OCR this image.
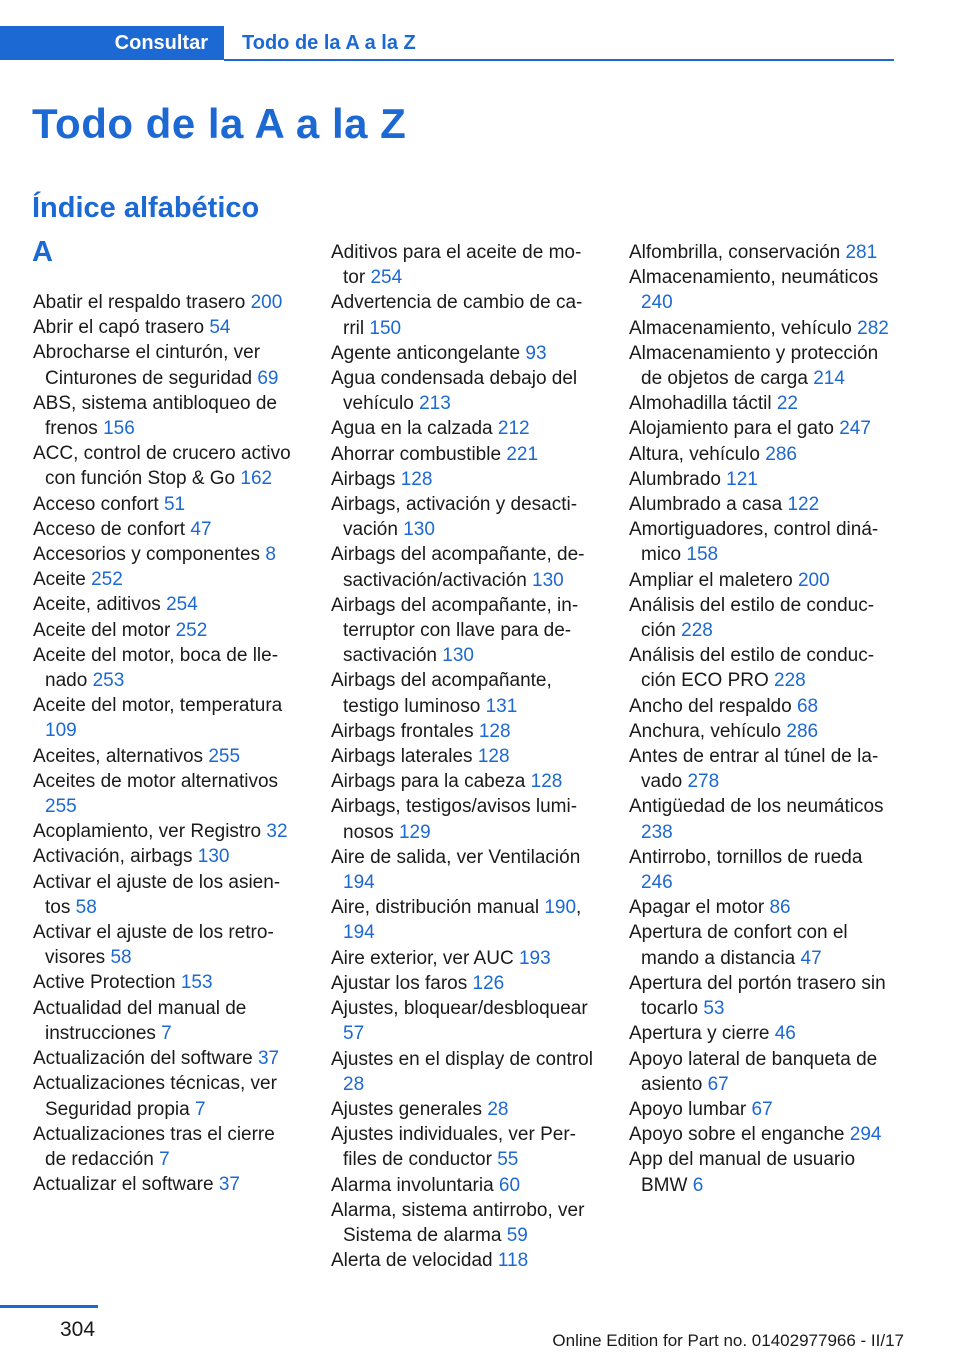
Consultar Todo de la A a la Z
Todo de la A a la Z
Índice alfabético
A
Abatir el respaldo trasero 200
Abrir el capó trasero 54
Abrocharse el cinturón, ver Cinturones de seguridad 69
ABS, sistema antibloqueo de frenos 156
ACC, control de crucero activo con función Stop & Go 162
Acceso confort 51
Acceso de confort 47
Accesorios y componentes 8
Aceite 252
Aceite, aditivos 254
Aceite del motor 252
Aceite del motor, boca de llenado 253
Aceite del motor, temperatura 109
Aceites, alternativos 255
Aceites de motor alternativos 255
Acoplamiento, ver Registro 32
Activación, airbags 130
Activar el ajuste de los asientos 58
Activar el ajuste de los retrovisores 58
Active Protection 153
Actualidad del manual de instrucciones 7
Actualización del software 37
Actualizaciones técnicas, ver Seguridad propia 7
Actualizaciones tras el cierre de redacción 7
Actualizar el software 37
Aditivos para el aceite de motor 254
Advertencia de cambio de carril 150
Agente anticongelante 93
Agua condensada debajo del vehículo 213
Agua en la calzada 212
Ahorrar combustible 221
Airbags 128
Airbags, activación y desactivación 130
Airbags del acompañante, desactivación/activación 130
Airbags del acompañante, interruptor con llave para desactivación 130
Airbags del acompañante, testigo luminoso 131
Airbags frontales 128
Airbags laterales 128
Airbags para la cabeza 128
Airbags, testigos/avisos luminosos 129
Aire de salida, ver Ventilación 194
Aire, distribución manual 190, 194
Aire exterior, ver AUC 193
Ajustar los faros 126
Ajustes, bloquear/desbloquear 57
Ajustes en el display de control 28
Ajustes generales 28
Ajustes individuales, ver Perfiles de conductor 55
Alarma involuntaria 60
Alarma, sistema antirrobo, ver Sistema de alarma 59
Alerta de velocidad 118
Alfombrilla, conservación 281
Almacenamiento, neumáticos 240
Almacenamiento, vehículo 282
Almacenamiento y protección de objetos de carga 214
Almohadilla táctil 22
Alojamiento para el gato 247
Altura, vehículo 286
Alumbrado 121
Alumbrado a casa 122
Amortiguadores, control dinámico 158
Ampliar el maletero 200
Análisis del estilo de conducción 228
Análisis del estilo de conducción ECO PRO 228
Ancho del respaldo 68
Anchura, vehículo 286
Antes de entrar al túnel de lavado 278
Antigüedad de los neumáticos 238
Antirrobo, tornillos de rueda 246
Apagar el motor 86
Apertura de confort con el mando a distancia 47
Apertura del portón trasero sin tocarlo 53
Apertura y cierre 46
Apoyo lateral de banqueta de asiento 67
Apoyo lumbar 67
Apoyo sobre el enganche 294
App del manual de usuario BMW 6
304	Online Edition for Part no. 01402977966 - II/17
